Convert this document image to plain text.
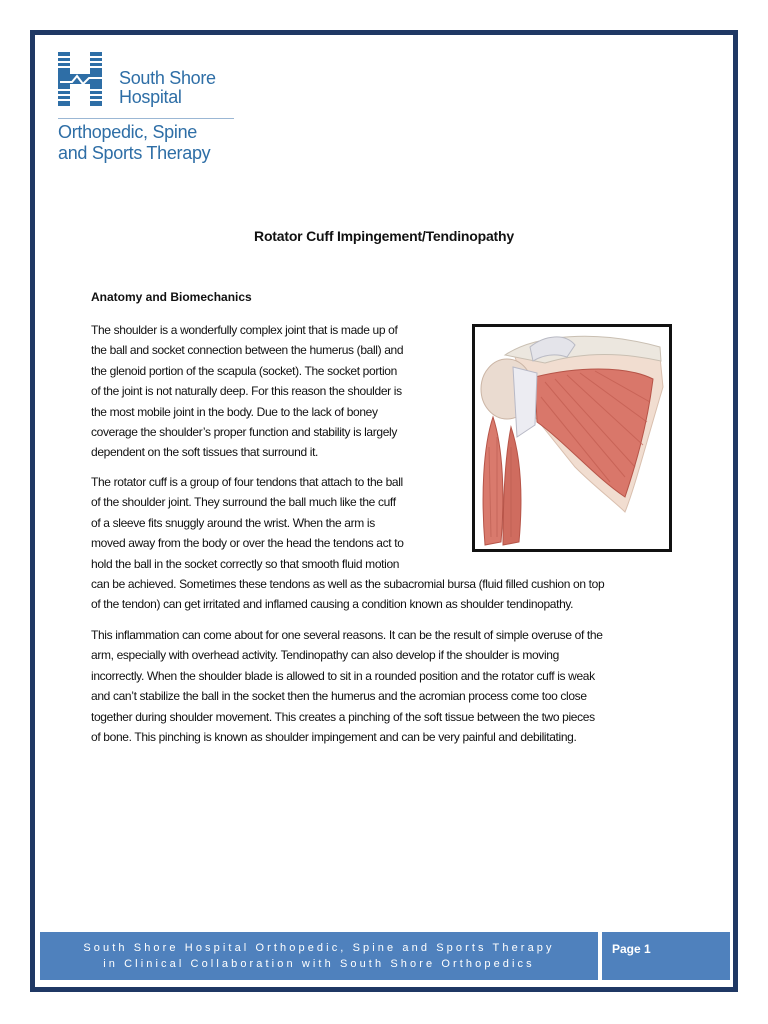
South Shore
Hospital
Orthopedic, Spine
and Sports Therapy
Rotator Cuff Impingement/Tendinopathy
Anatomy and Biomechanics
The shoulder is a wonderfully complex joint that is made up of
the ball and socket connection between the humerus (ball) and
the glenoid portion of the scapula (socket). The socket portion
of the joint is not naturally deep. For this reason the shoulder is
the most mobile joint in the body. Due to the lack of boney
coverage the shoulder’s proper function and stability is largely
dependent on the soft tissues that surround it.
The rotator cuff is a group of four tendons that attach to the ball
of the shoulder joint. They surround the ball much like the cuff
of a sleeve fits snuggly around the wrist. When the arm is
moved away from the body or over the head the tendons act to
hold the ball in the socket correctly so that smooth fluid motion
can be achieved. Sometimes these tendons as well as the subacromial bursa (fluid filled cushion on top
of the tendon) can get irritated and inflamed causing a condition known as shoulder tendinopathy.
This inflammation can come about for one several reasons. It can be the result of simple overuse of the
arm, especially with overhead activity. Tendinopathy can also develop if the shoulder is moving
incorrectly. When the shoulder blade is allowed to sit in a rounded position and the rotator cuff is weak
and can’t stabilize the ball in the socket then the humerus and the acromian process come too close
together during shoulder movement. This creates a pinching of the soft tissue between the two pieces
of bone. This pinching is known as shoulder impingement and can be very painful and debilitating.
South Shore Hospital Orthopedic, Spine and Sports Therapy
in Clinical Collaboration with South Shore Orthopedics
Page 1
